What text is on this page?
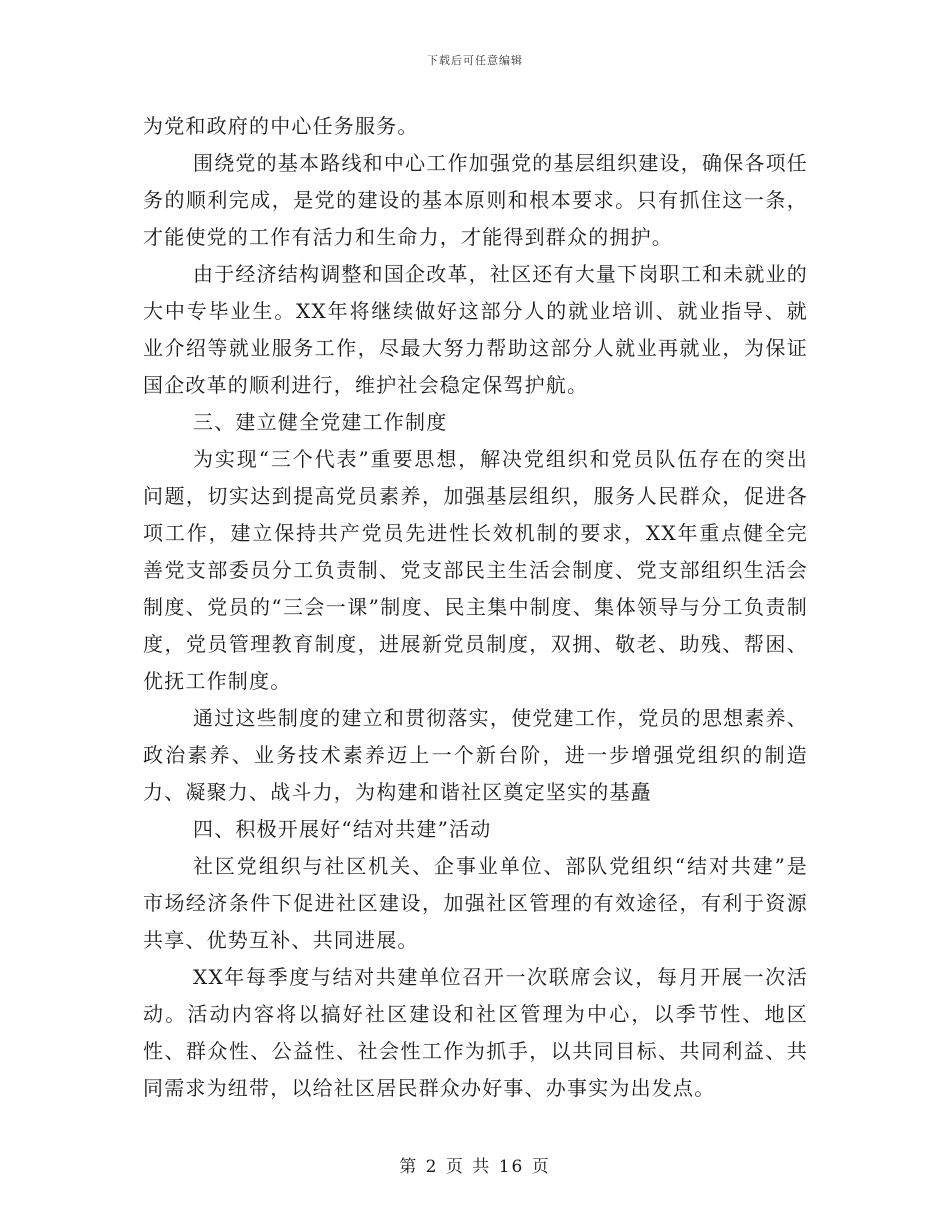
下载后可任意编辑

为党和政府的中心任务服务。

围绕党的基本路线和中心工作加强党的基层组织建设，确保各项任务的顺利完成，是党的建设的基本原则和根本要求。只有抓住这一条，才能使党的工作有活力和生命力，才能得到群众的拥护。

由于经济结构调整和国企改革，社区还有大量下岗职工和未就业的大中专毕业生。XX年将继续做好这部分人的就业培训、就业指导、就业介绍等就业服务工作，尽最大努力帮助这部分人就业再就业，为保证国企改革的顺利进行，维护社会稳定保驾护航。

三、建立健全党建工作制度

为实现“三个代表”重要思想，解决党组织和党员队伍存在的突出问题，切实达到提高党员素养，加强基层组织，服务人民群众，促进各项工作，建立保持共产党员先进性长效机制的要求，XX年重点健全完善党支部委员分工负责制、党支部民主生活会制度、党支部组织生活会制度、党员的“三会一课”制度、民主集中制度、集体领导与分工负责制度，党员管理教育制度，进展新党员制度，双拥、敬老、助残、帮困、优抚工作制度。

通过这些制度的建立和贯彻落实，使党建工作，党员的思想素养、政治素养、业务技术素养迈上一个新台阶，进一步增强党组织的制造力、凝聚力、战斗力，为构建和谐社区奠定坚实的基矗

四、积极开展好“结对共建”活动

社区党组织与社区机关、企事业单位、部队党组织“结对共建”是市场经济条件下促进社区建设，加强社区管理的有效途径，有利于资源共享、优势互补、共同进展。

XX年每季度与结对共建单位召开一次联席会议，每月开展一次活动。活动内容将以搞好社区建设和社区管理为中心，以季节性、地区性、群众性、公益性、社会性工作为抓手，以共同目标、共同利益、共同需求为纽带，以给社区居民群众办好事、办事实为出发点。

第 2 页 共 16 页
